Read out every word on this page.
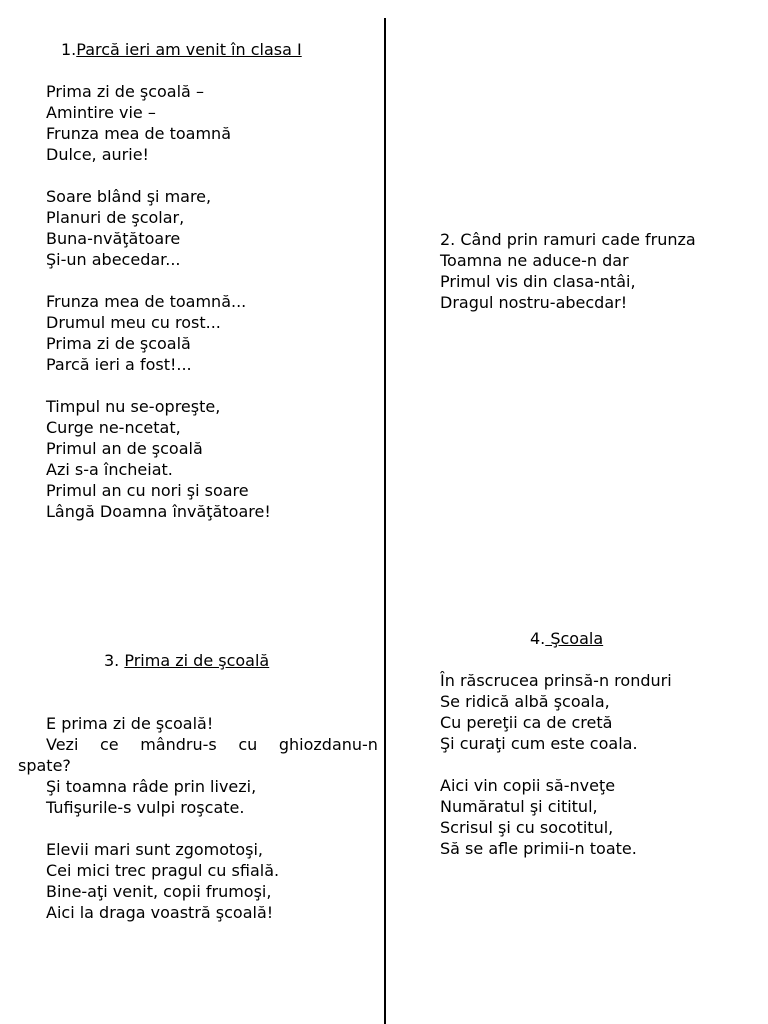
1.Parcă ieri am venit în clasa I
Prima zi de şcoală –
Amintire vie –
Frunza mea de toamnă
Dulce, aurie!
Soare blând şi mare,
Planuri de şcolar,
Buna-nvăţătoare
Şi-un abecedar...
Frunza mea de toamnă...
Drumul meu cu rost...
Prima zi de şcoală
Parcă ieri a fost!...
Timpul nu se-opreşte,
Curge ne-ncetat,
Primul an de şcoală
Azi s-a încheiat.
Primul an cu nori şi soare
Lângă Doamna învăţătoare!
2. Când prin ramuri cade frunza
Toamna ne aduce-n dar
Primul vis din clasa-ntâi,
Dragul nostru-abecdar!
3. Prima zi de şcoală
E prima zi de şcoală!
Vezi ce mândru-s cu ghiozdanu-n
spate?
Şi toamna râde prin livezi,
Tufişurile-s vulpi roşcate.
Elevii mari sunt zgomotoşi,
Cei mici trec pragul cu sfială.
Bine-aţi venit, copii frumoşi,
Aici la draga voastră şcoală!
4. Şcoala
În răscrucea prinsă-n ronduri
Se ridică albă şcoala,
Cu pereţii ca de cretă
Şi curaţi cum este coala.
Aici vin copii să-nveţe
Număratul şi cititul,
Scrisul şi cu socotitul,
Să se afle primii-n toate.
